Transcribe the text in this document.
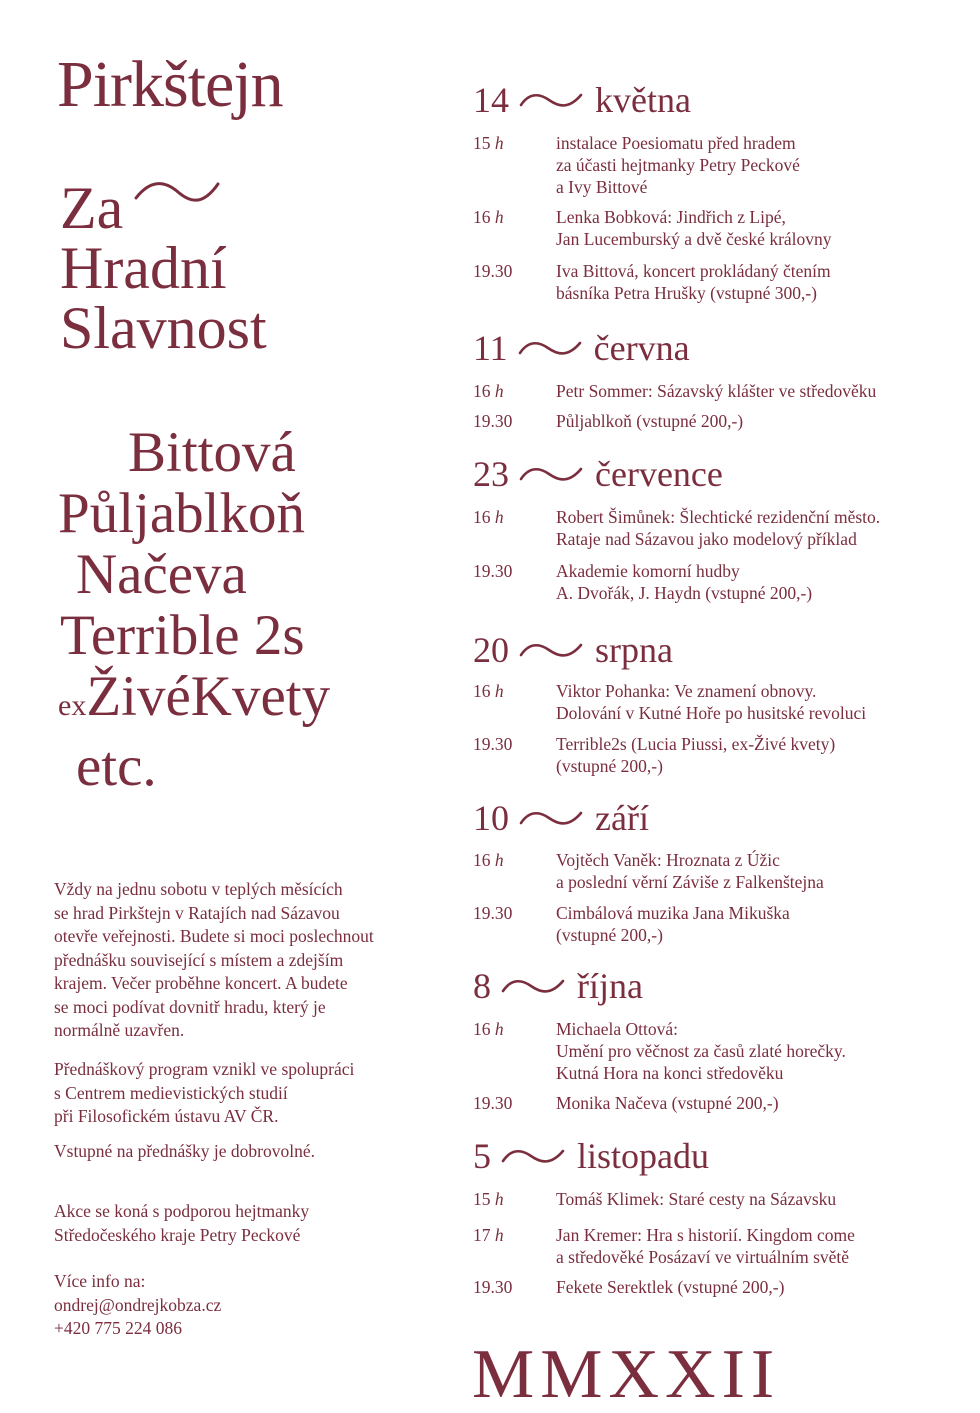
Pirkštejn
Za
Hradní
Slavnost
Bittová
Půljablkoň
Načeva
Terrible 2s
exŽivéKvety
etc.

Vždy na jednu sobotu v teplých měsících

se hrad Pirkštejn v Ratajích nad Sázavou

otevře veřejnosti. Budete si moci poslechnout

přednášku související s místem a zdejším

krajem. Večer proběhne koncert. A budete

se moci podívat dovnitř hradu, který je

normálně uzavřen.

Přednáškový program vznikl ve spolupráci

s Centrem medievistických studií

při Filosofickém ústavu AV ČR.

Vstupné na přednášky je dobrovolné.

Akce se koná s podporou hejtmanky

Středočeského kraje Petry Peckové

Více info na:

ondrej@ondrejkobza.cz

+420 775 224 086

14 května
15 h	instalace Poesiomatu před hradem
za účasti hejtmanky Petry Peckové
a Ivy Bittové
16 h	Lenka Bobková: Jindřich z Lipé,
Jan Lucemburský a dvě české královny
19.30	Iva Bittová, koncert prokládaný čtením
básníka Petra Hrušky (vstupné 300,-)
11 června
16 h	Petr Sommer: Sázavský klášter ve středověku
19.30	Půljablkoň (vstupné 200,-)
23 července
16 h	Robert Šimůnek: Šlechtické rezidenční město.
Rataje nad Sázavou jako modelový příklad
19.30	Akademie komorní hudby
A. Dvořák, J. Haydn (vstupné 200,-)
20 srpna
16 h	Viktor Pohanka: Ve znamení obnovy.
Dolování v Kutné Hoře po husitské revoluci
19.30	Terrible2s (Lucia Piussi, ex-Živé kvety)
(vstupné 200,-)
10 září
16 h	Vojtěch Vaněk: Hroznata z Úžic
a poslední věrní Záviše z Falkenštejna
19.30	Cimbálová muzika Jana Mikuška
(vstupné 200,-)
8 října
16 h	Michaela Ottová:
Umění pro věčnost za časů zlaté horečky.
Kutná Hora na konci středověku
19.30	Monika Načeva (vstupné 200,-)
5 listopadu
15 h	Tomáš Klimek: Staré cesty na Sázavsku
17 h	Jan Kremer: Hra s historií. Kingdom come
a středověké Posázaví ve virtuálním světě
19.30	Fekete Serektlek (vstupné 200,-)
MMXXII
